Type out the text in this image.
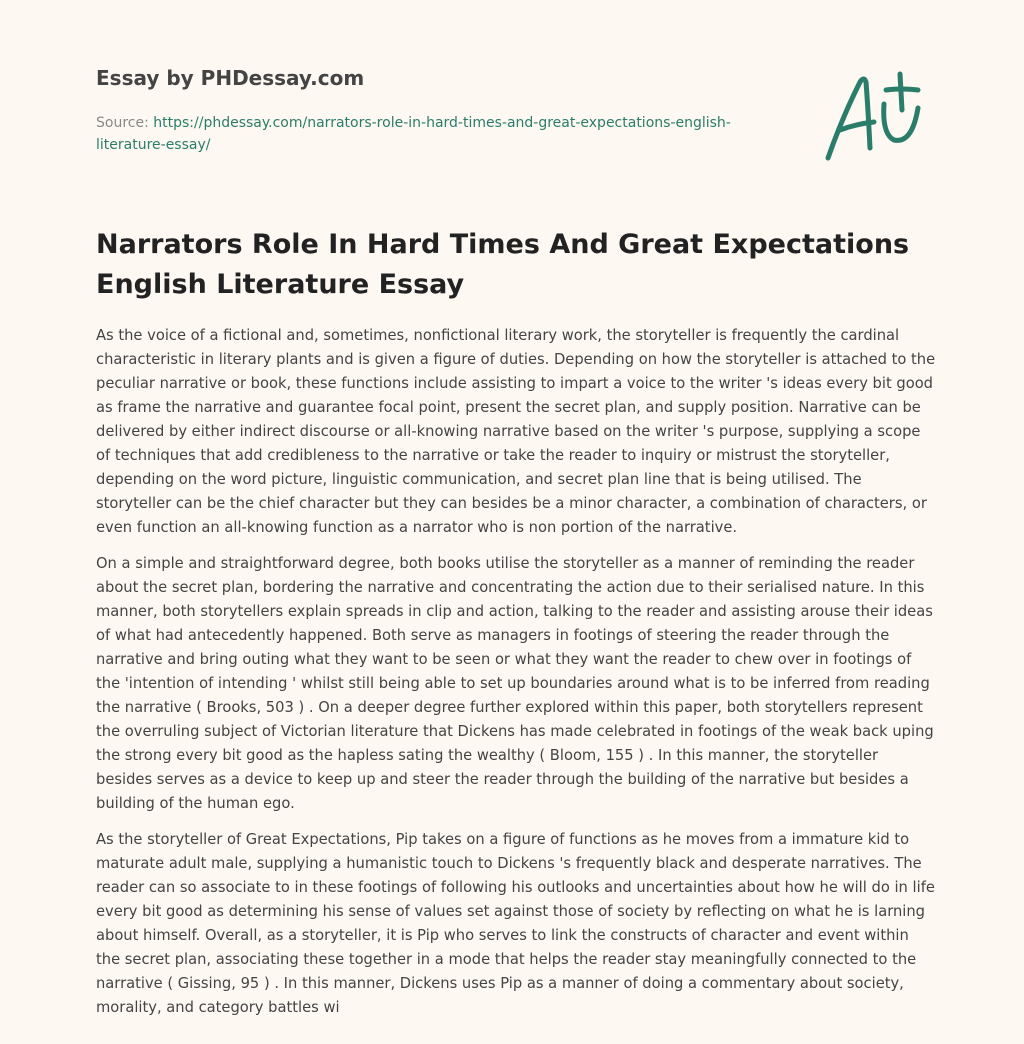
Essay by PHDessay.com
Source: https://phdessay.com/narrators-role-in-hard-times-and-great-expectations-english-literature-essay/
Narrators Role In Hard Times And Great Expectations English Literature Essay

As the voice of a fictional and, sometimes, nonfictional literary work, the storyteller is frequently the cardinal characteristic in literary plants and is given a figure of duties. Depending on how the storyteller is attached to the peculiar narrative or book, these functions include assisting to impart a voice to the writer 's ideas every bit good as frame the narrative and guarantee focal point, present the secret plan, and supply position. Narrative can be delivered by either indirect discourse or all-knowing narrative based on the writer 's purpose, supplying a scope of techniques that add credibleness to the narrative or take the reader to inquiry or mistrust the storyteller, depending on the word picture, linguistic communication, and secret plan line that is being utilised. The storyteller can be the chief character but they can besides be a minor character, a combination of characters, or even function an all-knowing function as a narrator who is non portion of the narrative.

On a simple and straightforward degree, both books utilise the storyteller as a manner of reminding the reader about the secret plan, bordering the narrative and concentrating the action due to their serialised nature. In this manner, both storytellers explain spreads in clip and action, talking to the reader and assisting arouse their ideas of what had antecedently happened. Both serve as managers in footings of steering the reader through the narrative and bring outing what they want to be seen or what they want the reader to chew over in footings of the 'intention of intending ' whilst still being able to set up boundaries around what is to be inferred from reading the narrative ( Brooks, 503 ) . On a deeper degree further explored within this paper, both storytellers represent the overruling subject of Victorian literature that Dickens has made celebrated in footings of the weak back uping the strong every bit good as the hapless sating the wealthy ( Bloom, 155 ) . In this manner, the storyteller besides serves as a device to keep up and steer the reader through the building of the narrative but besides a building of the human ego.

As the storyteller of Great Expectations, Pip takes on a figure of functions as he moves from a immature kid to maturate adult male, supplying a humanistic touch to Dickens 's frequently black and desperate narratives. The reader can so associate to in these footings of following his outlooks and uncertainties about how he will do in life every bit good as determining his sense of values set against those of society by reflecting on what he is larning about himself. Overall, as a storyteller, it is Pip who serves to link the constructs of character and event within the secret plan, associating these together in a mode that helps the reader stay meaningfully connected to the narrative ( Gissing, 95 ) . In this manner, Dickens uses Pip as a manner of doing a commentary about society, morality, and category battles wi
